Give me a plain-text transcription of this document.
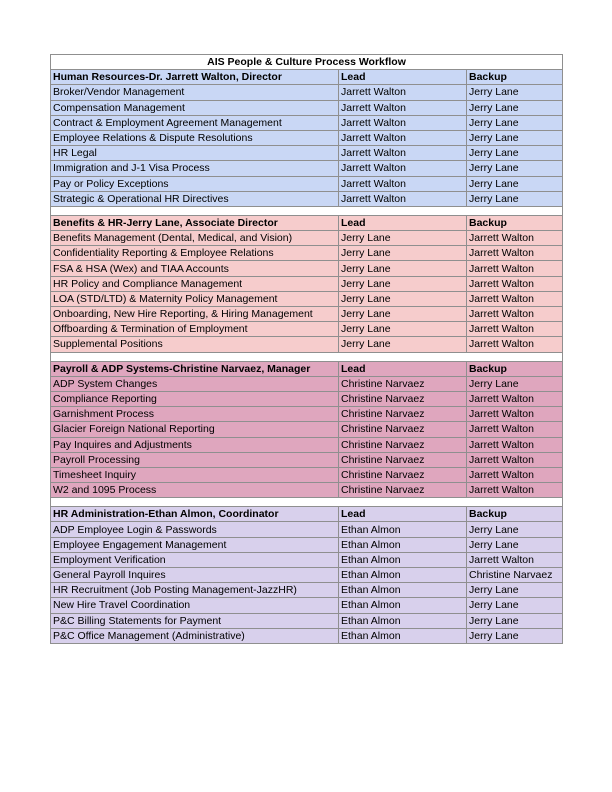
AIS People & Culture Process Workflow		
Human Resources-Dr. Jarrett Walton, Director	Lead	Backup
Broker/Vendor Management	Jarrett Walton	Jerry Lane
Compensation Management	Jarrett Walton	Jerry Lane
Contract & Employment Agreement Management	Jarrett Walton	Jerry Lane
Employee Relations & Dispute Resolutions	Jarrett Walton	Jerry Lane
HR Legal	Jarrett Walton	Jerry Lane
Immigration and J-1 Visa Process	Jarrett Walton	Jerry Lane
Pay or Policy Exceptions	Jarrett Walton	Jerry Lane
Strategic & Operational HR Directives	Jarrett Walton	Jerry Lane

Benefits & HR-Jerry Lane, Associate Director	Lead	Backup
Benefits Management (Dental, Medical, and Vision)	Jerry Lane	Jarrett Walton
Confidentiality Reporting & Employee Relations	Jerry Lane	Jarrett Walton
FSA & HSA (Wex) and TIAA Accounts	Jerry Lane	Jarrett Walton
HR Policy and Compliance Management	Jerry Lane	Jarrett Walton
LOA (STD/LTD) & Maternity Policy Management	Jerry Lane	Jarrett Walton
Onboarding, New Hire Reporting, & Hiring Management	Jerry Lane	Jarrett Walton
Offboarding & Termination of Employment	Jerry Lane	Jarrett Walton
Supplemental Positions	Jerry Lane	Jarrett Walton

Payroll & ADP Systems-Christine Narvaez, Manager	Lead	Backup
ADP System Changes	Christine Narvaez	Jerry Lane
Compliance Reporting	Christine Narvaez	Jarrett Walton
Garnishment Process	Christine Narvaez	Jarrett Walton
Glacier Foreign National Reporting	Christine Narvaez	Jarrett Walton
Pay Inquires and Adjustments	Christine Narvaez	Jarrett Walton
Payroll Processing	Christine Narvaez	Jarrett Walton
Timesheet Inquiry	Christine Narvaez	Jarrett Walton
W2 and 1095 Process	Christine Narvaez	Jarrett Walton

HR Administration-Ethan Almon, Coordinator	Lead	Backup
ADP Employee Login & Passwords	Ethan Almon	Jerry Lane
Employee Engagement Management	Ethan Almon	Jerry Lane
Employment Verification	Ethan Almon	Jarrett Walton
General Payroll Inquires	Ethan Almon	Christine Narvaez
HR Recruitment (Job Posting Management-JazzHR)	Ethan Almon	Jerry Lane
New Hire Travel Coordination	Ethan Almon	Jerry Lane
P&C Billing Statements for Payment	Ethan Almon	Jerry Lane
P&C Office Management (Administrative)	Ethan Almon	Jerry Lane
